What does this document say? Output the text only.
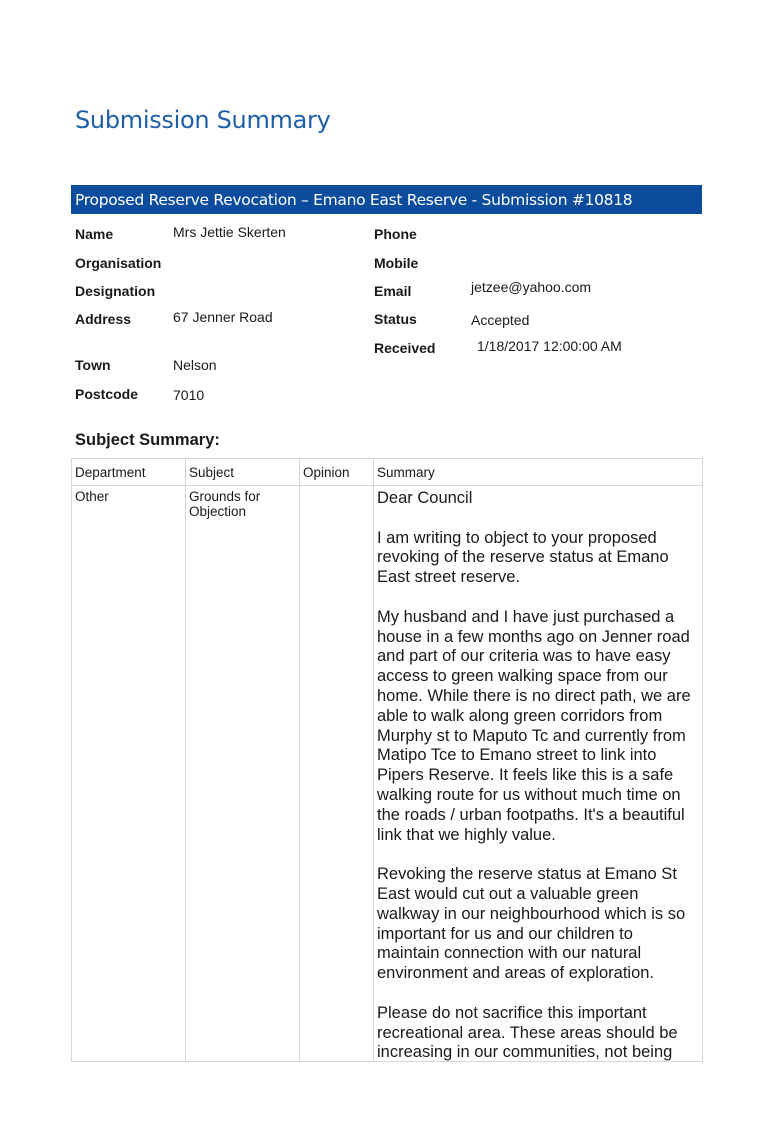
Submission Summary
Proposed Reserve Revocation – Emano East Reserve - Submission #10818
Name	Mrs Jettie Skerten
Organisation
Designation
Address	67 Jenner Road
Town	Nelson
Postcode 7010
Phone
Mobile
Email	jetzee@yahoo.com
Status	Accepted
Received	1/18/2017 12:00:00 AM
Subject Summary:
Department	Subject	Opinion	Summary
Other	Grounds for Objection		Dear Council

I am writing to object to your proposed revoking of the reserve status at Emano East street reserve.

My husband and I have just purchased a house in a few months ago on Jenner road and part of our criteria was to have easy access to green walking space from our home. While there is no direct path, we are able to walk along green corridors from Murphy st to Maputo Tc and currently from Matipo Tce to Emano street to link into Pipers Reserve. It feels like this is a safe walking route for us without much time on the roads / urban footpaths. It's a beautiful link that we highly value.

Revoking the reserve status at Emano St East would cut out a valuable green walkway in our neighbourhood which is so important for us and our children to maintain connection with our natural environment and areas of exploration.

Please do not sacrifice this important recreational area. These areas should be increasing in our communities, not being
